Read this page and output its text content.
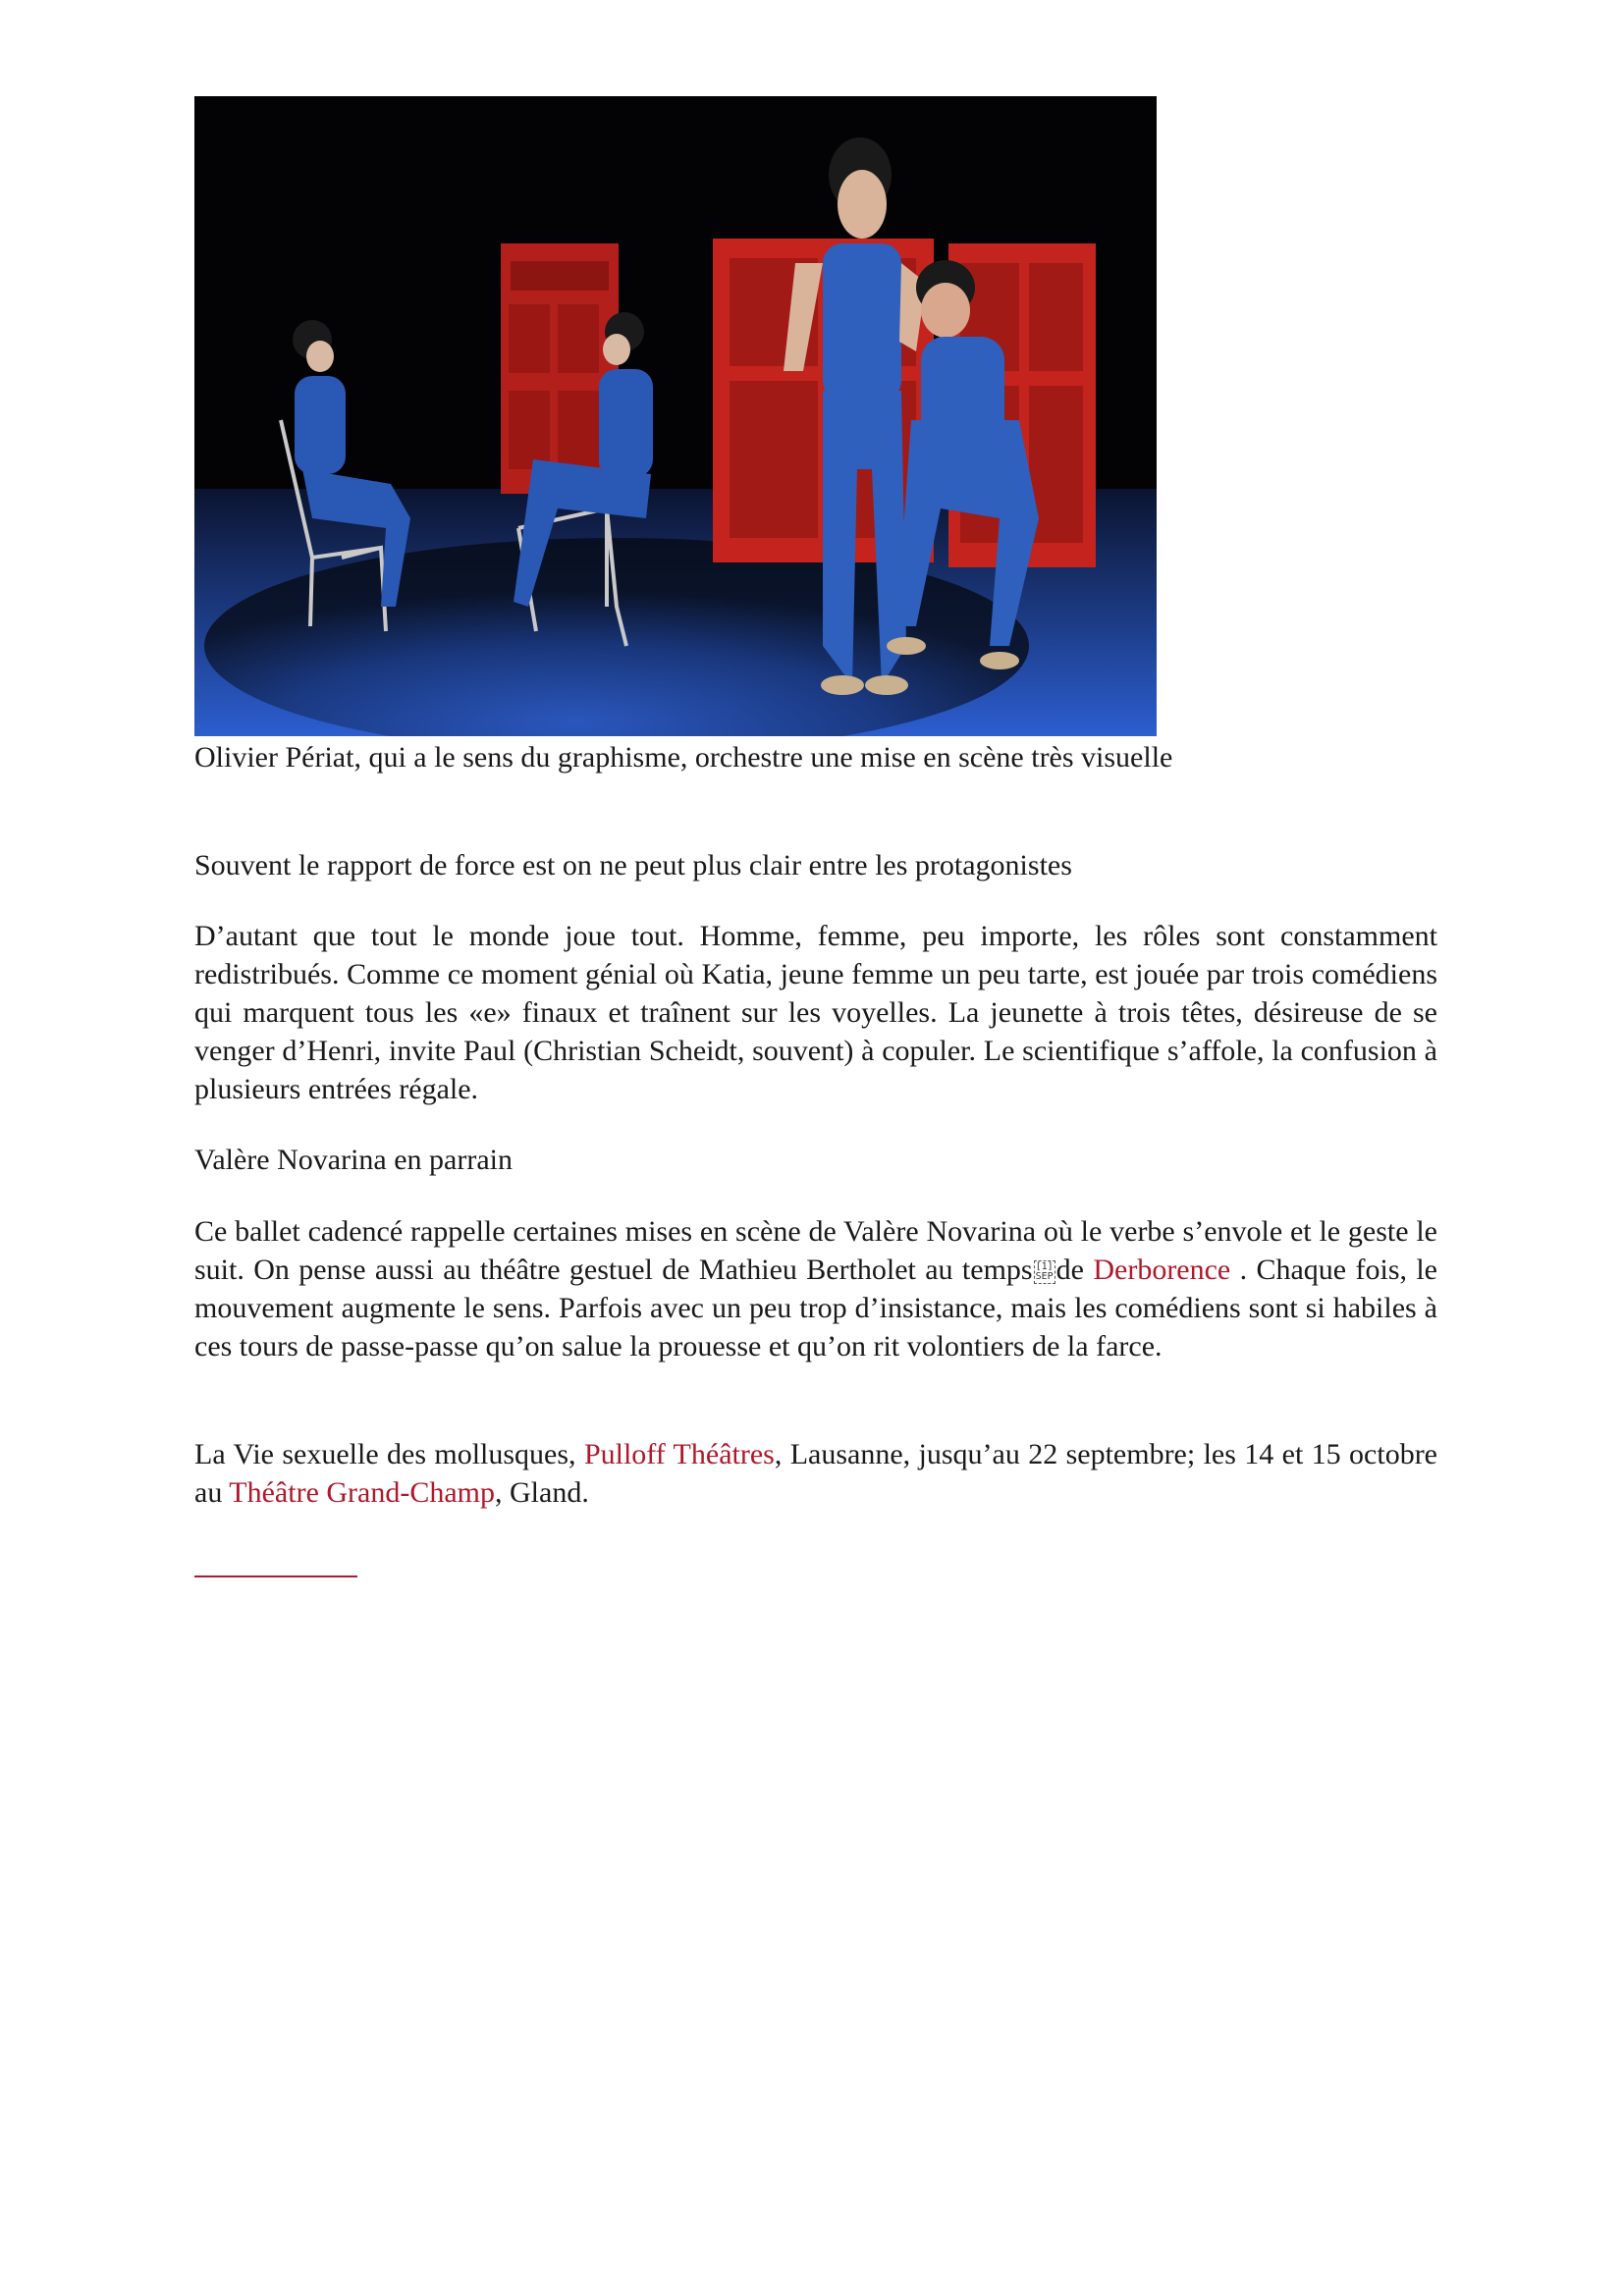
Olivier Périat, qui a le sens du graphisme, orchestre une mise en scène très visuelle

Souvent le rapport de force est on ne peut plus clair entre les protagonistes

D’autant que tout le monde joue tout. Homme, femme, peu importe, les rôles sont constamment redistribués. Comme ce moment génial où Katia, jeune femme un peu tarte, est jouée par trois comédiens qui marquent tous les «e» finaux et traînent sur les voyelles. La jeunette à trois têtes, désireuse de se venger d’Henri, invite Paul (Christian Scheidt, souvent) à copuler. Le scientifique s’affole, la confusion à plusieurs entrées régale.

Valère Novarina en parrain

Ce ballet cadencé rappelle certaines mises en scène de Valère Novarina où le verbe s’envole et le geste le suit. On pense aussi au théâtre gestuel de Mathieu Bertholet au temps [1]
SEP de Derborence . Chaque fois, le mouvement augmente le sens. Parfois avec un peu trop d’insistance, mais les comédiens sont si habiles à ces tours de passe-passe qu’on salue la prouesse et qu’on rit volontiers de la farce.

La Vie sexuelle des mollusques, Pulloff Théâtres, Lausanne, jusqu’au 22 septembre; les 14 et 15 octobre au Théâtre Grand-Champ, Gland.
